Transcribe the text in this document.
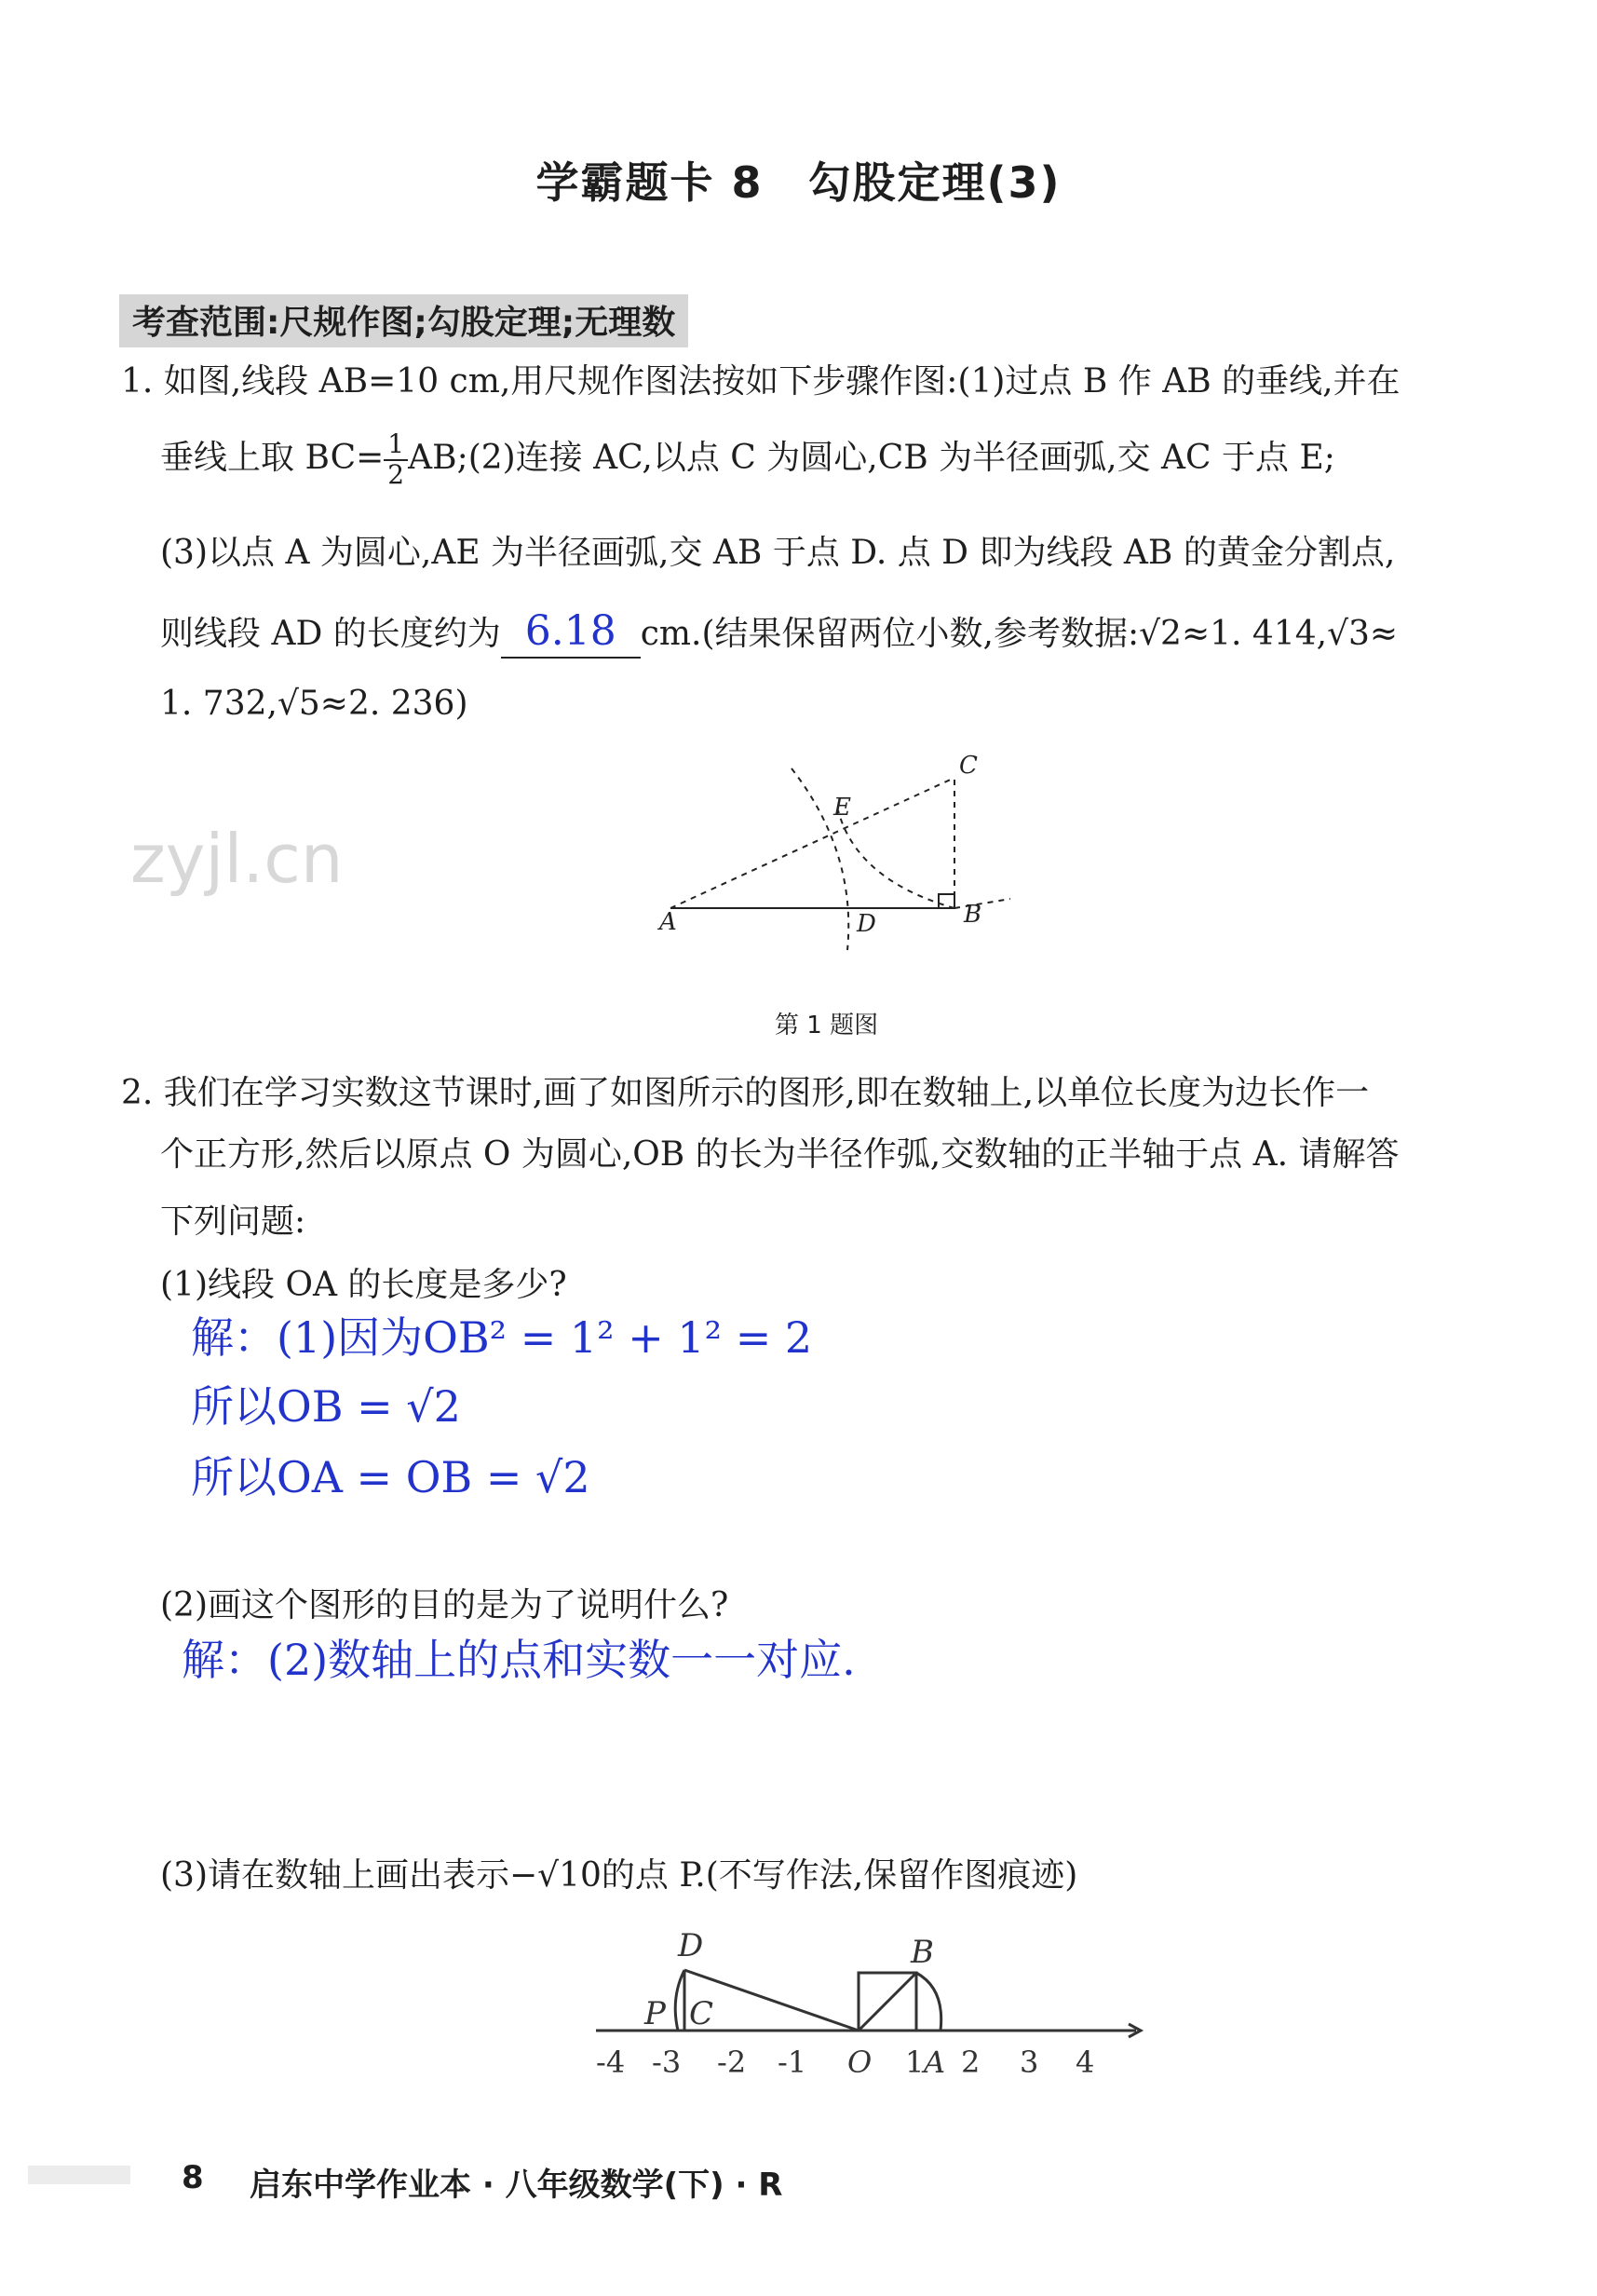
学霸题卡 8　勾股定理(3)
考查范围:尺规作图;勾股定理;无理数
1. 如图,线段 AB=10 cm,用尺规作图法按如下步骤作图:(1)过点 B 作 AB 的垂线,并在
垂线上取 $BC= \frac{1}{2}$ AB;(2)连接 AC,以点 C 为圆心,CB 为半径画弧,交 AC 于点 E;
(3)以点 A 为圆心,AE 为半径画弧,交 AB 于点 D. 点 D 即为线段 AB 的黄金分割点,
则线段 AD 的长度约为 6.18 cm.(结果保留两位小数,参考数据:√2≈1. 414,√3≈
1. 732,√5≈2. 236)
zyjl.cn
A	B
C
D
E
第 1 题图
2. 我们在学习实数这节课时,画了如图所示的图形,即在数轴上,以单位长度为边长作一
个正方形,然后以原点 O 为圆心,OB 的长为半径作弧,交数轴的正半轴于点 A. 请解答
下列问题:
(1)线段 OA 的长度是多少?
解：(1)因为OB² = 1² + 1² = 2
所以OB = √2
所以OA = OB = √2
(2)画这个图形的目的是为了说明什么?
解：(2)数轴上的点和实数一一对应.
(3)请在数轴上画出表示−√10的点 P.(不写作法,保留作图痕迹)
-4 -3 -2 -1 O 1 A 2 3 4
D	B
P C
8 启东中学作业本 · 八年级数学(下) · R
